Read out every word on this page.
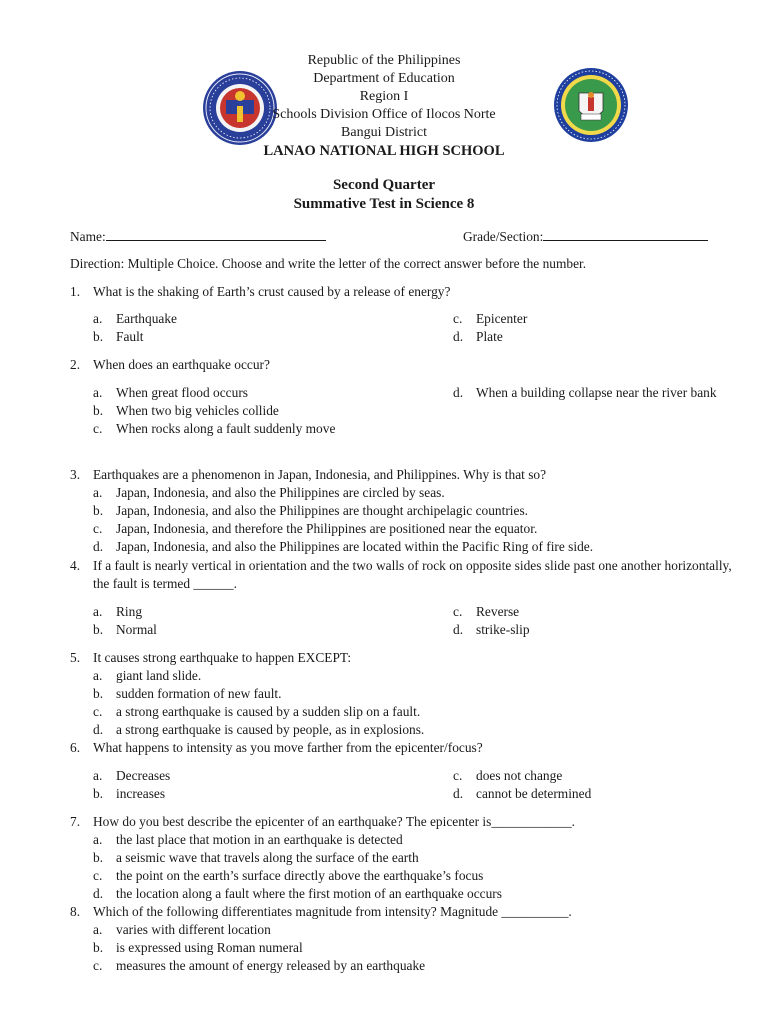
Republic of the Philippines
Department of Education
Region I
Schools Division Office of Ilocos Norte
Bangui District
LANAO NATIONAL HIGH SCHOOL
Second Quarter
Summative Test in Science 8
Name:	Grade/Section:
Direction: Multiple Choice. Choose and write the letter of the correct answer before the number.
1. What is the shaking of Earth’s crust caused by a release of energy?
a. Earthquake
b. Fault
c. Epicenter
d. Plate
2. When does an earthquake occur?
a. When great flood occurs
b. When two big vehicles collide
c. When rocks along a fault suddenly move
d. When a building collapse near the river bank
3. Earthquakes are a phenomenon in Japan, Indonesia, and Philippines. Why is that so?
a. Japan, Indonesia, and also the Philippines are circled by seas.
b. Japan, Indonesia, and also the Philippines are thought archipelagic countries.
c. Japan, Indonesia, and therefore the Philippines are positioned near the equator.
d. Japan, Indonesia, and also the Philippines are located within the Pacific Ring of fire side.
4. If a fault is nearly vertical in orientation and the two walls of rock on opposite sides slide past one another horizontally, the fault is termed ______.
a. Ring
b. Normal
c. Reverse
d. strike-slip
5. It causes strong earthquake to happen EXCEPT:
a. giant land slide.
b. sudden formation of new fault.
c. a strong earthquake is caused by a sudden slip on a fault.
d. a strong earthquake is caused by people, as in explosions.
6. What happens to intensity as you move farther from the epicenter/focus?
a. Decreases
b. increases
c. does not change
d. cannot be determined
7. How do you best describe the epicenter of an earthquake? The epicenter is____________.
a. the last place that motion in an earthquake is detected
b. a seismic wave that travels along the surface of the earth
c. the point on the earth’s surface directly above the earthquake’s focus
d. the location along a fault where the first motion of an earthquake occurs
8. Which of the following differentiates magnitude from intensity? Magnitude __________.
a. varies with different location
b. is expressed using Roman numeral
c. measures the amount of energy released by an earthquake
